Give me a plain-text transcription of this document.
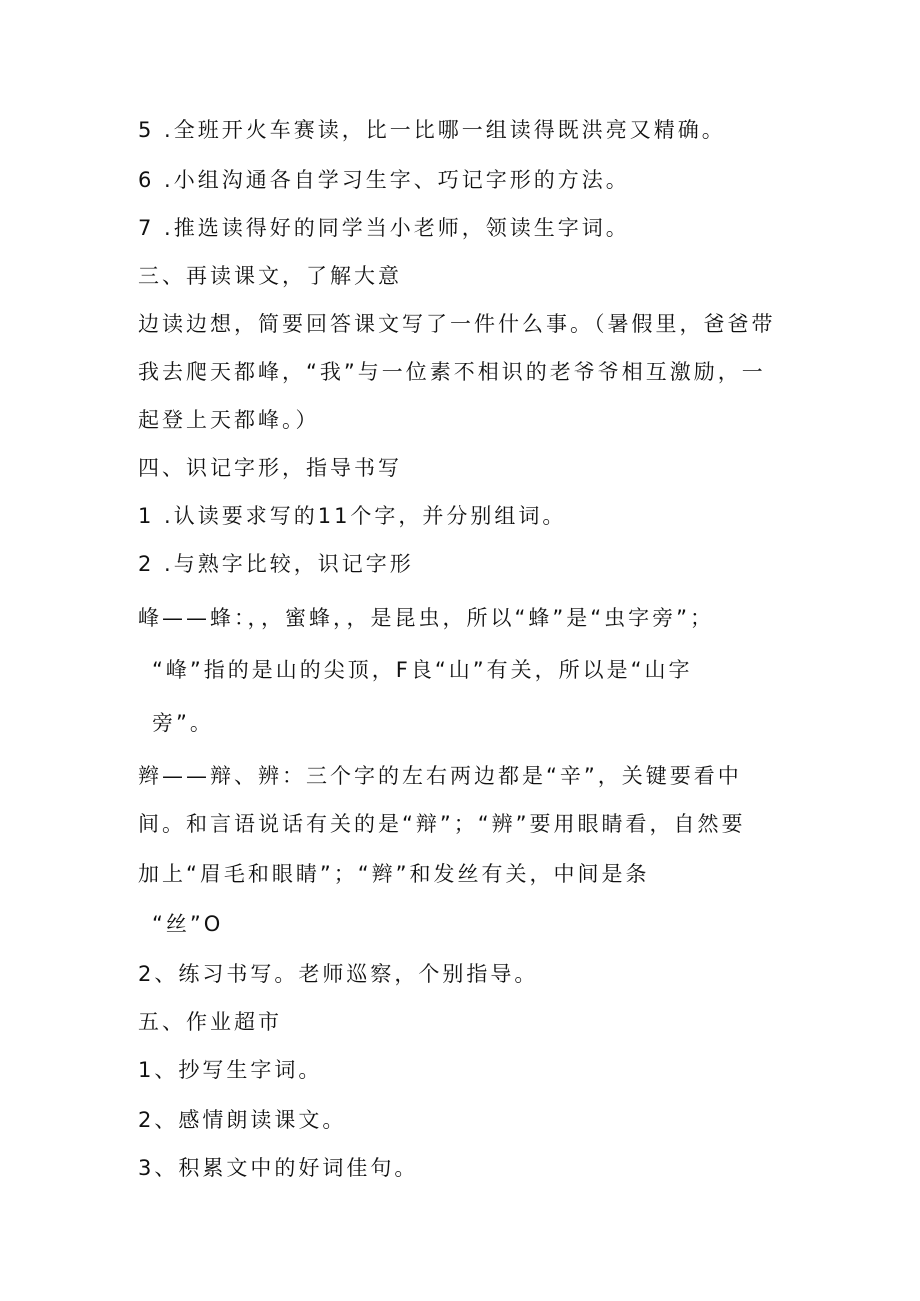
5 .全班开火车赛读，比一比哪一组读得既洪亮又精确。
6 .小组沟通各自学习生字、巧记字形的方法。
7 .推选读得好的同学当小老师，领读生字词。
三、再读课文，了解大意
边读边想，简要回答课文写了一件什么事。（暑假里，爸爸带
我去爬天都峰，“我”与一位素不相识的老爷爷相互激励，一
起登上天都峰。）
四、识记字形，指导书写
1 .认读要求写的11个字，并分别组词。
2 .与熟字比较，识记字形
峰——蜂：，，蜜蜂，，是昆虫，所以“蜂”是“虫字旁”；
“峰”指的是山的尖顶，F良“山”有关，所以是“山字
旁”。
辫——辩、辨：三个字的左右两边都是“辛”，关键要看中
间。和言语说话有关的是“辩”；“辨”要用眼睛看，自然要
加上“眉毛和眼睛”；“辫”和发丝有关，中间是条
“丝”O
2、练习书写。老师巡察，个别指导。
五、作业超市
1、抄写生字词。
2、感情朗读课文。
3、积累文中的好词佳句。
